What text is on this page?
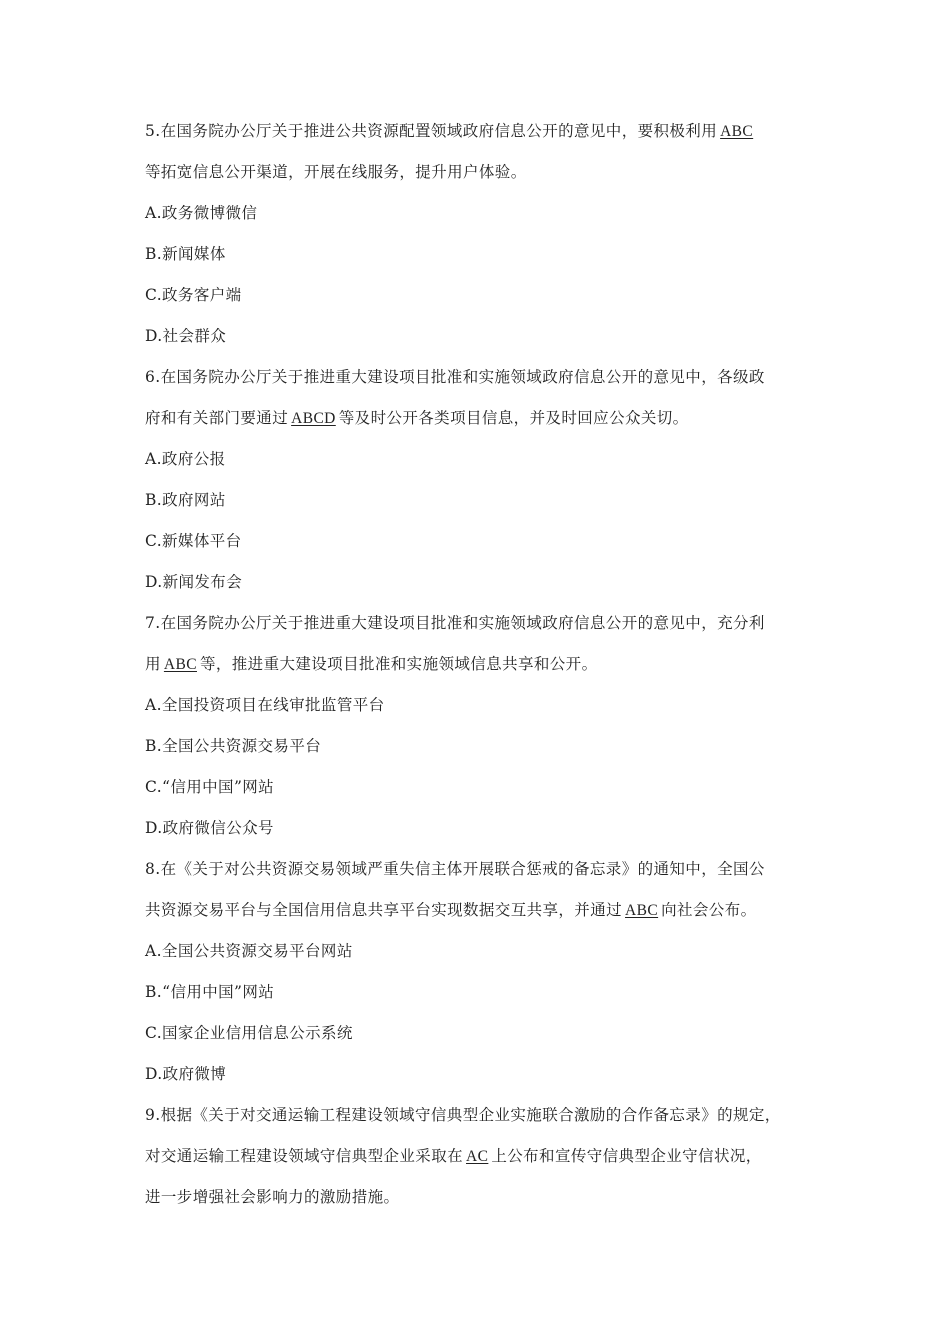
5.在国务院办公厅关于推进公共资源配置领域政府信息公开的意见中，要积极利用 ABC
等拓宽信息公开渠道，开展在线服务，提升用户体验。
A.政务微博微信
B.新闻媒体
C.政务客户端
D.社会群众
6.在国务院办公厅关于推进重大建设项目批准和实施领域政府信息公开的意见中，各级政
府和有关部门要通过 ABCD 等及时公开各类项目信息，并及时回应公众关切。
A.政府公报
B.政府网站
C.新媒体平台
D.新闻发布会
7.在国务院办公厅关于推进重大建设项目批准和实施领域政府信息公开的意见中，充分利
用 ABC 等，推进重大建设项目批准和实施领域信息共享和公开。
A.全国投资项目在线审批监管平台
B.全国公共资源交易平台
C.“信用中国”网站
D.政府微信公众号
8.在《关于对公共资源交易领域严重失信主体开展联合惩戒的备忘录》的通知中，全国公
共资源交易平台与全国信用信息共享平台实现数据交互共享，并通过 ABC 向社会公布。
A.全国公共资源交易平台网站
B.“信用中国”网站
C.国家企业信用信息公示系统
D.政府微博
9.根据《关于对交通运输工程建设领域守信典型企业实施联合激励的合作备忘录》的规定，
对交通运输工程建设领域守信典型企业采取在 AC 上公布和宣传守信典型企业守信状况，
进一步增强社会影响力的激励措施。
